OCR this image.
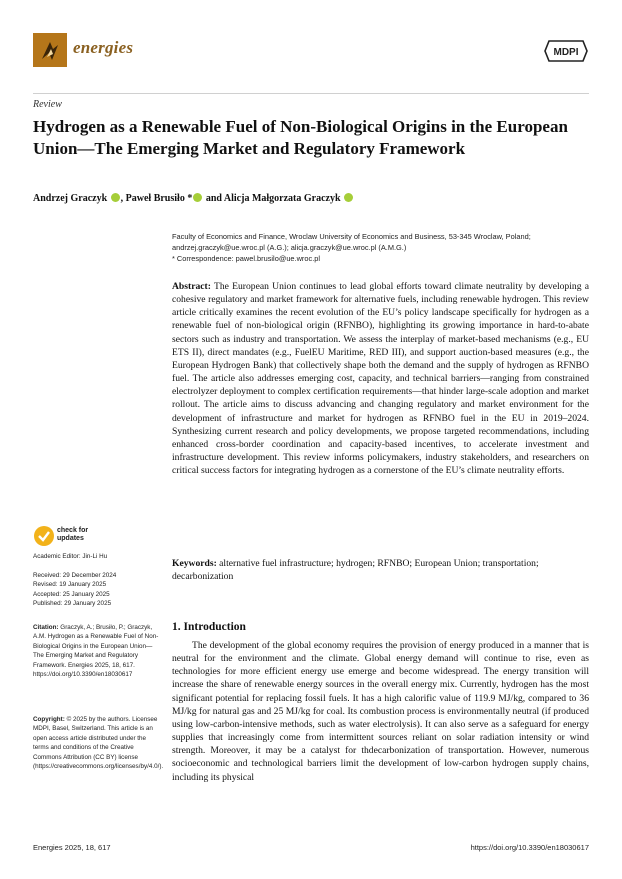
energies	MDPI
Review
Hydrogen as a Renewable Fuel of Non-Biological Origins in the European Union—The Emerging Market and Regulatory Framework
Andrzej Graczyk , Paweł Brusiło * and Alicja Małgorzata Graczyk
Faculty of Economics and Finance, Wroclaw University of Economics and Business, 53-345 Wroclaw, Poland;
andrzej.graczyk@ue.wroc.pl (A.G.); alicja.graczyk@ue.wroc.pl (A.M.G.)
* Correspondence: pawel.brusilo@ue.wroc.pl
Abstract: The European Union continues to lead global efforts toward climate neutrality by developing a cohesive regulatory and market framework for alternative fuels, including renewable hydrogen. This review article critically examines the recent evolution of the EU’s policy landscape specifically for hydrogen as a renewable fuel of non-biological origin (RFNBO), highlighting its growing importance in hard-to-abate sectors such as industry and transportation. We assess the interplay of market-based mechanisms (e.g., EU ETS II), direct mandates (e.g., FuelEU Maritime, RED III), and support auction-based measures (e.g., the European Hydrogen Bank) that collectively shape both the demand and the supply of hydrogen as RFNBO fuel. The article also addresses emerging cost, capacity, and technical barriers—ranging from constrained electrolyzer deployment to complex certification requirements—that hinder large-scale adoption and market rollout. The article aims to discuss advancing and changing regulatory and market environment for the development of infrastructure and market for hydrogen as RFNBO fuel in the EU in 2019–2024. Synthesizing current research and policy developments, we propose targeted recommendations, including enhanced cross-border coordination and capacity-based incentives, to accelerate investment and infrastructure development. This review informs policymakers, industry stakeholders, and researchers on critical success factors for integrating hydrogen as a cornerstone of the EU’s climate neutrality efforts.
Keywords: alternative fuel infrastructure; hydrogen; RFNBO; European Union; transportation; decarbonization
1. Introduction
The development of the global economy requires the provision of energy produced in a manner that is neutral for the environment and the climate. Global energy demand will continue to rise, even as technologies for more efficient energy use emerge and become widespread. The energy transition will increase the share of renewable energy sources in the overall energy mix. Currently, hydrogen has the most significant potential for replacing fossil fuels. It has a high calorific value of 119.9 MJ/kg, compared to 36 MJ/kg for natural gas and 25 MJ/kg for coal. Its combustion process is environmentally neutral (if produced using low-carbon-intensive methods, such as water electrolysis). It can also serve as a safeguard for energy supplies that increasingly come from intermittent sources reliant on solar radiation intensity or wind strength. Moreover, it may be a catalyst for thdecarbonization of transportation. However, numerous socioeconomic and technological barriers limit the development of low-carbon hydrogen supply chains, including its physical
check for
updates
Academic Editor: Jin-Li Hu
Received: 29 December 2024
Revised: 19 January 2025
Accepted: 25 January 2025
Published: 29 January 2025
Citation: Graczyk, A.; Brusiło, P.; Graczyk, A.M. Hydrogen as a Renewable Fuel of Non-Biological Origins in the European Union—The Emerging Market and Regulatory Framework. Energies 2025, 18, 617. https://doi.org/10.3390/en18030617
Copyright: © 2025 by the authors. Licensee MDPI, Basel, Switzerland. This article is an open access article distributed under the terms and conditions of the Creative Commons Attribution (CC BY) license (https://creativecommons.org/licenses/by/4.0/).
Energies 2025, 18, 617	https://doi.org/10.3390/en18030617
